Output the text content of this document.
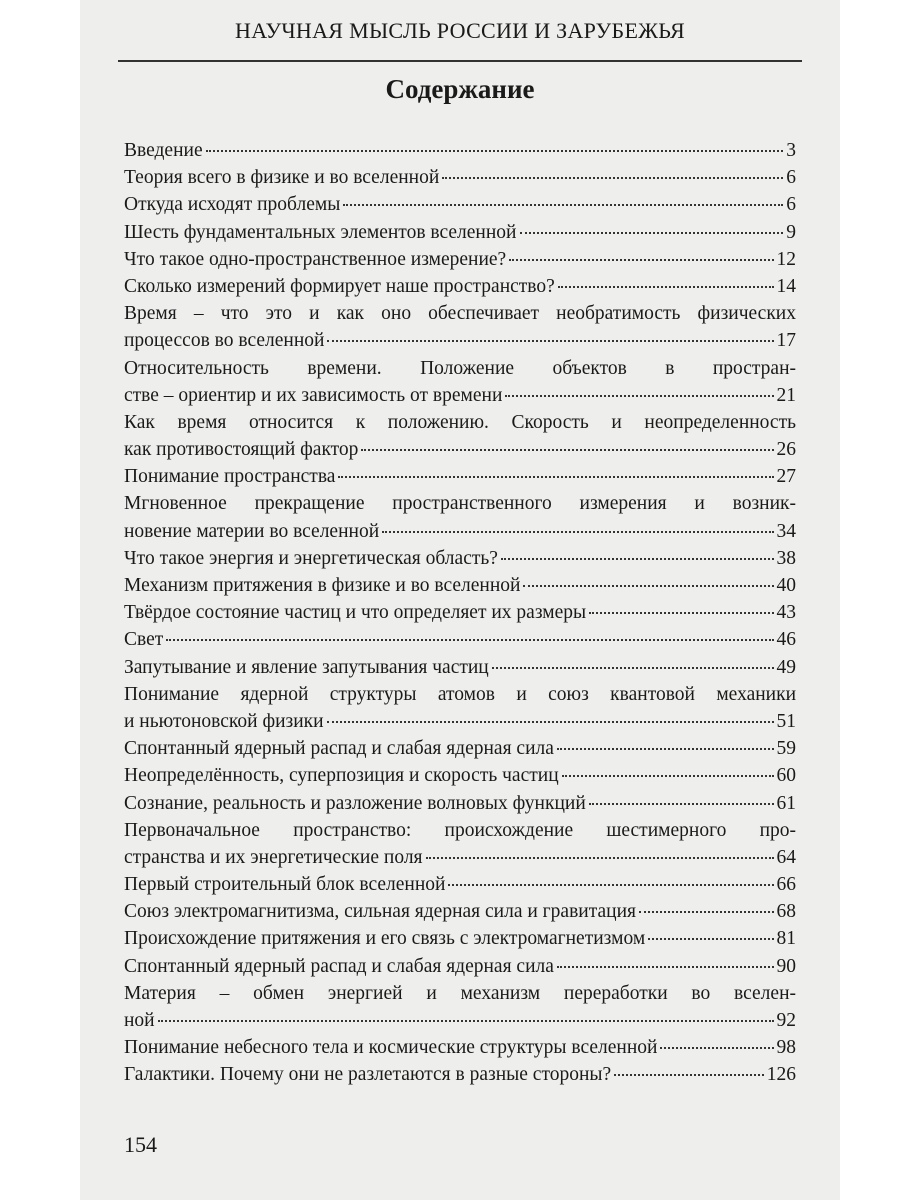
НАУЧНАЯ МЫСЛЬ РОССИИ И ЗАРУБЕЖЬЯ
Содержание
Введение	3
Теория всего в физике и во вселенной	6
Откуда исходят проблемы	6
Шесть фундаментальных элементов вселенной	9
Что такое одно-пространственное измерение?	12
Сколько измерений формирует наше пространство?	14
Время – что это и как оно обеспечивает необратимость физических
процессов во вселенной	17
Относительность времени. Положение объектов в простран-
стве – ориентир и их зависимость от времени	21
Как время относится к положению. Скорость и неопределенность
как противостоящий фактор	26
Понимание пространства	27
Мгновенное прекращение пространственного измерения и возник-
новение материи во вселенной	34
Что такое энергия и энергетическая область?	38
Механизм притяжения в физике и во вселенной	40
Твёрдое состояние частиц и что определяет их размеры	43
Свет	46
Запутывание и явление запутывания частиц	49
Понимание ядерной структуры атомов и союз квантовой механики
и ньютоновской физики	51
Спонтанный ядерный распад и слабая ядерная сила	59
Неопределённость, суперпозиция и скорость частиц	60
Сознание, реальность и разложение волновых функций	61
Первоначальное пространство: происхождение шестимерного про-
странства и их энергетические поля	64
Первый строительный блок вселенной	66
Союз электромагнитизма, сильная ядерная сила и гравитация	68
Происхождение притяжения и его связь с электромагнетизмом	81
Спонтанный ядерный распад и слабая ядерная сила	90
Материя – обмен энергией и механизм переработки во вселен-
ной	92
Понимание небесного тела и космические структуры вселенной	98
Галактики. Почему они не разлетаются в разные стороны?	126
154
